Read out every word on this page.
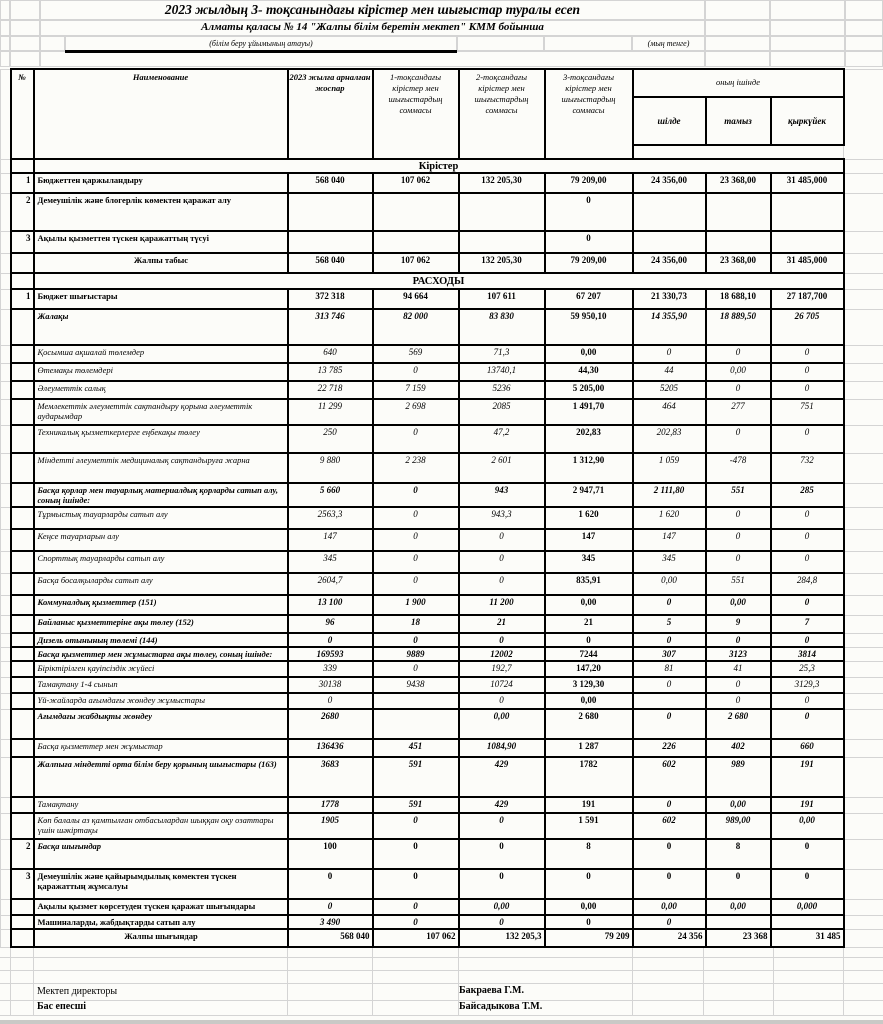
2023 жылдың 3- тоқсанындағы кірістер мен шығыстар туралы есеп
Алматы қаласы № 14 "Жалпы білім беретін мектеп" КММ бойынша
(білім беру ұйымының атауы)	(мың тенге)
	№	Наименование	2023 жылға арналған жоспар	1-тоқсандағы кірістер мен шығыстардың соммасы	2-тоқсандағы кірістер мен шығыстардың соммасы	3-тоқсандағы кірістер мен шығыстардың соммасы	оның ішінде			
							шілде	тамыз	қыркүйек	

		Кірістер								
	1	Бюджеттен қаржыландыру	568 040	107 062	132 205,30	79 209,00	24 356,00	23 368,00	31 485,000	
	2	Демеушілік және блогерлік көмектен қаражат алу				0				
	3	Ақылы қызметтен түскен қаражаттың түсуі				0				
		Жалпы табыс	568 040	107 062	132 205,30	79 209,00	24 356,00	23 368,00	31 485,000	
		РАСХОДЫ								
	1	Бюджет шығыстары	372 318	94 664	107 611	67 207	21 330,73	18 688,10	27 187,700	
		Жалақы	313 746	82 000	83 830	59 950,10	14 355,90	18 889,50	26 705	
		Қосымша ақшалай төлемдер	640	569	71,3	0,00	0	0	0	
		Өтемақы төлемдері	13 785	0	13740,1	44,30	44	0,00	0	
		Әлеуметтік салық	22 718	7 159	5236	5 205,00	5205	0	0	
		Мемлекеттік әлеуметтік сақтандыру қорына әлеуметтік аударымдар	11 299	2 698	2085	1 491,70	464	277	751	
		Техникалық қызметкерлерге еңбекақы төлеу	250	0	47,2	202,83	202,83	0	0	
		Міндетті әлеуметтік медициналық сақтандыруға жарна	9 880	2 238	2 601	1 312,90	1 059	-478	732	
		Басқа қорлар мен тауарлық материалдық қорларды сатып алу, соның ішінде:	5 660	0	943	2 947,71	2 111,80	551	285	
		Тұрмыстық тауарларды сатып алу	2563,3	0	943,3	1 620	1 620	0	0	
		Кеңсе тауарларын алу	147	0	0	147	147	0	0	
		Спорттық тауарларды сатып алу	345	0	0	345	345	0	0	
		Басқа босалқыларды сатып алу	2604,7	0	0	835,91	0,00	551	284,8	
		Коммуналдық қызметтер (151)	13 100	1 900	11 200	0,00	0	0,00	0	
		Байланыс қызметтеріне ақы төлеу (152)	96	18	21	21	5	9	7	
		Дизель отынының төлемі (144)	0	0	0	0	0	0	0	
		Басқа қызметтер мен жұмыстарға ақы төлеу, соның ішінде:	169593	9889	12002	7244	307	3123	3814	
		Біріктірілген қауіпсіздік жүйесі	339	0	192,7	147,20	81	41	25,3	
		Тамақтану 1-4 сынып	30138	9438	10724	3 129,30	0	0	3129,3	
		Үй-жайларда ағымдағы жөндеу жұмыстары	0		0	0,00		0	0	
		Ағымдағы жабдықты жөндеу	2680		0,00	2 680	0	2 680	0	
		Басқа қызметтер мен жұмыстар	136436	451	1084,90	1 287	226	402	660	
		Жалпыға міндетті орта білім беру қорының шығыстары (163)	3683	591	429	1782	602	989	191	
		Тамақтану	1778	591	429	191	0	0,00	191	
		Көп балалы аз қамтылған отбасылардан шыққан оқу озаттары үшін шәкіртақы	1905	0	0	1 591	602	989,00	0,00	
	2	Басқа шығындар	100	0	0	8	0	8	0	
	3	Демеушілік және қайырымдылық көмектен түскен қаражаттың жұмсалуы	0	0	0	0	0	0	0	
		Ақылы қызмет көрсетуден түскен қаражат шығындары	0	0	0,00	0,00	0,00	0,00	0,000	
		Машиналарды, жабдықтарды сатып алу	3 490	0	0	0	0			
		Жалпы шығындар	568 040	107 062	132 205,3	79 209	24 356	23 368	31 485	
Мектеп директоры	Бакраева Г.М.
Бас епесші	Байсадыкова Т.М.
